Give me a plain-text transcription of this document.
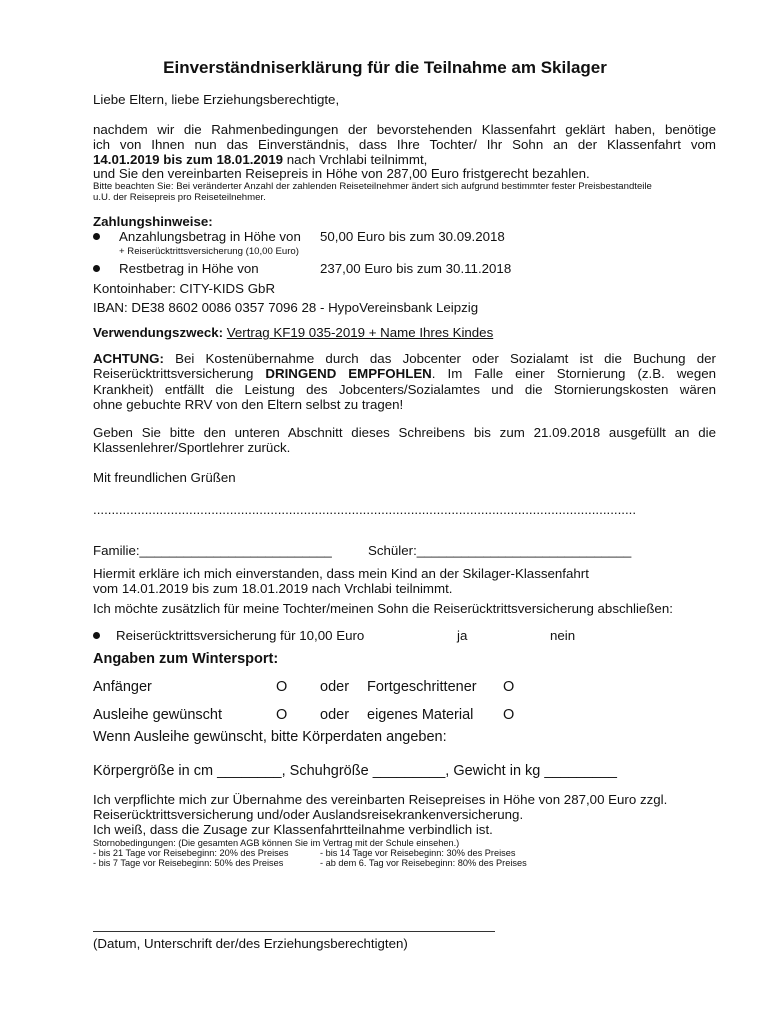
Einverständniserklärung für die Teilnahme am Skilager
Liebe Eltern, liebe Erziehungsberechtigte,
nachdem wir die Rahmenbedingungen der bevorstehenden Klassenfahrt geklärt haben, benötige
ich von Ihnen nun das Einverständnis, dass Ihre Tochter/ Ihr Sohn an der Klassenfahrt vom
14.01.2019 bis zum 18.01.2019 nach Vrchlabi teilnimmt,
und Sie den vereinbarten Reisepreis in Höhe von 287,00 Euro fristgerecht bezahlen.
Bitte beachten Sie: Bei veränderter Anzahl der zahlenden Reiseteilnehmer ändert sich aufgrund bestimmter fester Preisbestandteile
u.U. der Reisepreis pro Reiseteilnehmer.
Zahlungshinweise:
Anzahlungsbetrag in Höhe von 50,00 Euro bis zum 30.09.2018
+ Reiserücktrittsversicherung (10,00 Euro)
Restbetrag in Höhe von	237,00 Euro bis zum 30.11.2018
Kontoinhaber: CITY-KIDS GbR
IBAN: DE38 8602 0086 0357 7096 28 - HypoVereinsbank Leipzig
Verwendungszweck: Vertrag KF19 035-2019 + Name Ihres Kindes
ACHTUNG: Bei Kostenübernahme durch das Jobcenter oder Sozialamt ist die Buchung der
Reiserücktrittsversicherung DRINGEND EMPFOHLEN. Im Falle einer Stornierung (z.B. wegen
Krankheit) entfällt die Leistung des Jobcenters/Sozialamtes und die Stornierungskosten wären
ohne gebuchte RRV von den Eltern selbst zu tragen!
Geben Sie bitte den unteren Abschnitt dieses Schreibens bis zum 21.09.2018 ausgefüllt an die
Klassenlehrer/Sportlehrer zurück.
Mit freundlichen Grüßen
...................................................................................................................................................
Familie:__________________________	Schüler:_____________________________
Hiermit erkläre ich mich einverstanden, dass mein Kind an der Skilager-Klassenfahrt
vom 14.01.2019 bis zum 18.01.2019 nach Vrchlabi teilnimmt.
Ich möchte zusätzlich für meine Tochter/meinen Sohn die Reiserücktrittsversicherung abschließen:
Reiserücktrittsversicherung für 10,00 Euro	ja	nein
Angaben zum Wintersport:
Anfänger	O oder Fortgeschrittener O
Ausleihe gewünscht	O oder eigenes Material O
Wenn Ausleihe gewünscht, bitte Körperdaten angeben:
Körpergröße in cm ________, Schuhgröße _________, Gewicht in kg _________
Ich verpflichte mich zur Übernahme des vereinbarten Reisepreises in Höhe von 287,00 Euro zzgl.
Reiserücktrittsversicherung und/oder Auslandsreisekrankenversicherung.
Ich weiß, dass die Zusage zur Klassenfahrtteilnahme verbindlich ist.
Stornobedingungen: (Die gesamten AGB können Sie im Vertrag mit der Schule einsehen.)
- bis 21 Tage vor Reisebeginn: 20% des Preises	- bis 14 Tage vor Reisebeginn: 30% des Preises
- bis 7 Tage vor Reisebeginn: 50% des Preises	- ab dem 6. Tag vor Reisebeginn: 80% des Preises
(Datum, Unterschrift der/des Erziehungsberechtigten)
